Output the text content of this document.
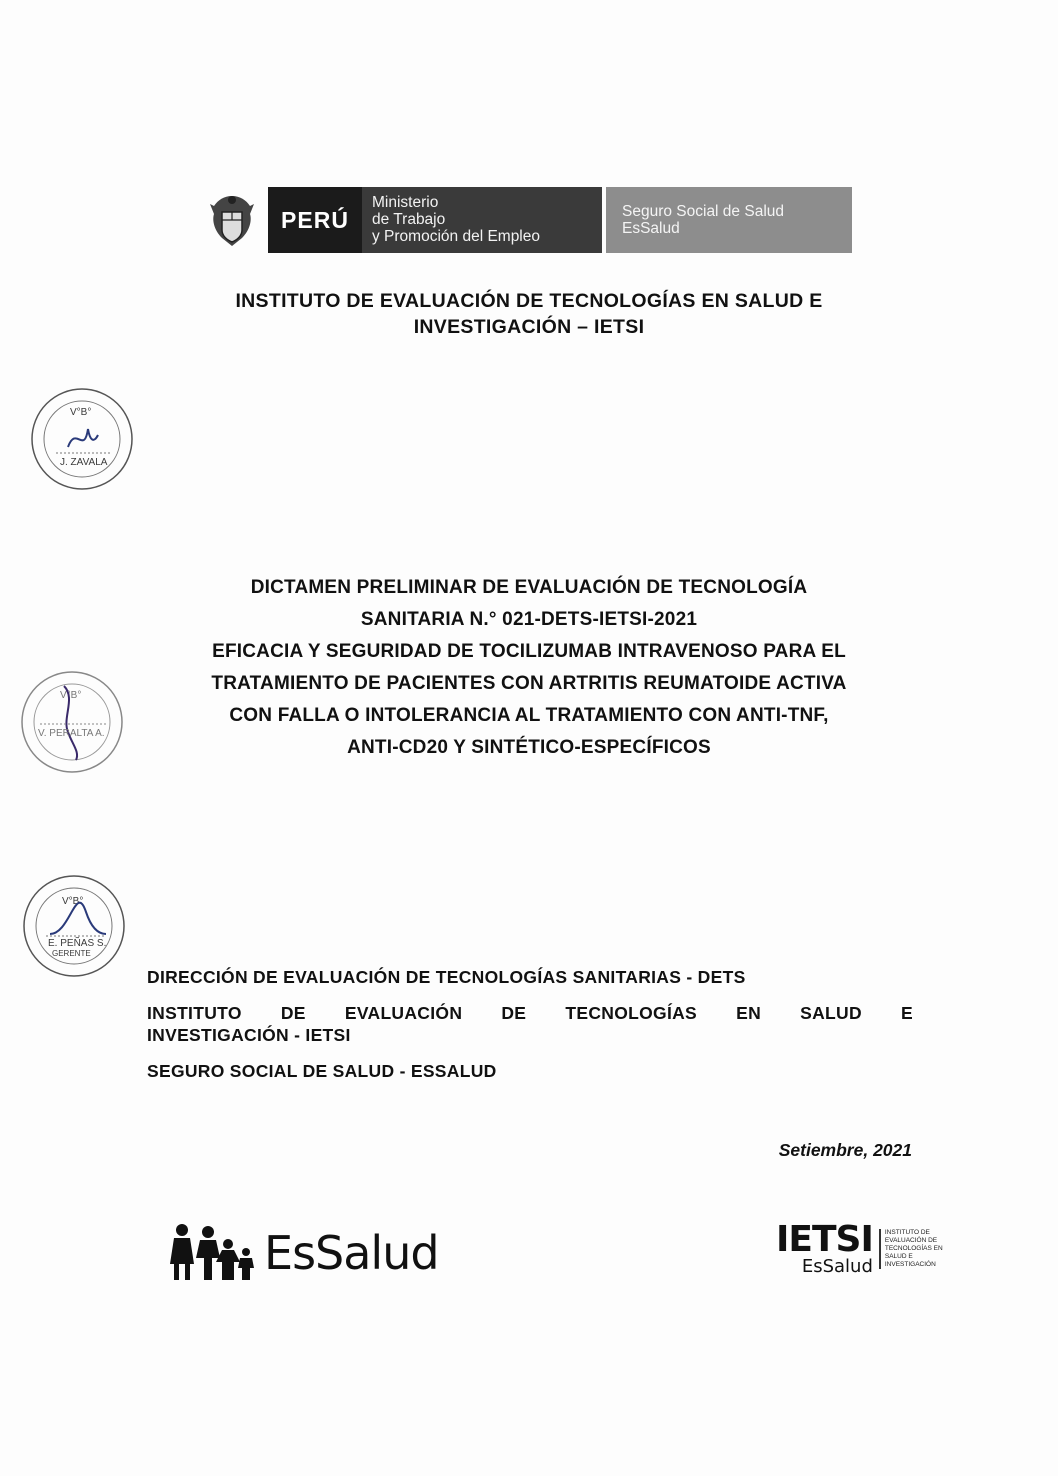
PERÚ
Ministerio
de Trabajo
y Promoción del Empleo
Seguro Social de Salud
EsSalud
INSTITUTO DE EVALUACIÓN DE TECNOLOGÍAS EN SALUD E
INVESTIGACIÓN – IETSI
V°B°
J. ZAVALA
V°B°
V. PERALTA A.
V°B°
E. PEÑAS S.
GERENTE
DICTAMEN PRELIMINAR DE EVALUACIÓN DE TECNOLOGÍA
SANITARIA N.° 021-DETS-IETSI-2021
EFICACIA Y SEGURIDAD DE TOCILIZUMAB INTRAVENOSO PARA EL
TRATAMIENTO DE PACIENTES CON ARTRITIS REUMATOIDE ACTIVA
CON FALLA O INTOLERANCIA AL TRATAMIENTO CON ANTI-TNF,
ANTI-CD20 Y SINTÉTICO-ESPECÍFICOS
DIRECCIÓN DE EVALUACIÓN DE TECNOLOGÍAS SANITARIAS - DETS
INSTITUTO DE EVALUACIÓN DE TECNOLOGÍAS EN SALUD E
INVESTIGACIÓN - IETSI
SEGURO SOCIAL DE SALUD - ESSALUD
Setiembre, 2021
EsSalud	IETSI
EsSalud
INSTITUTO DE EVALUACIÓN DE TECNOLOGÍAS EN SALUD E INVESTIGACIÓN
